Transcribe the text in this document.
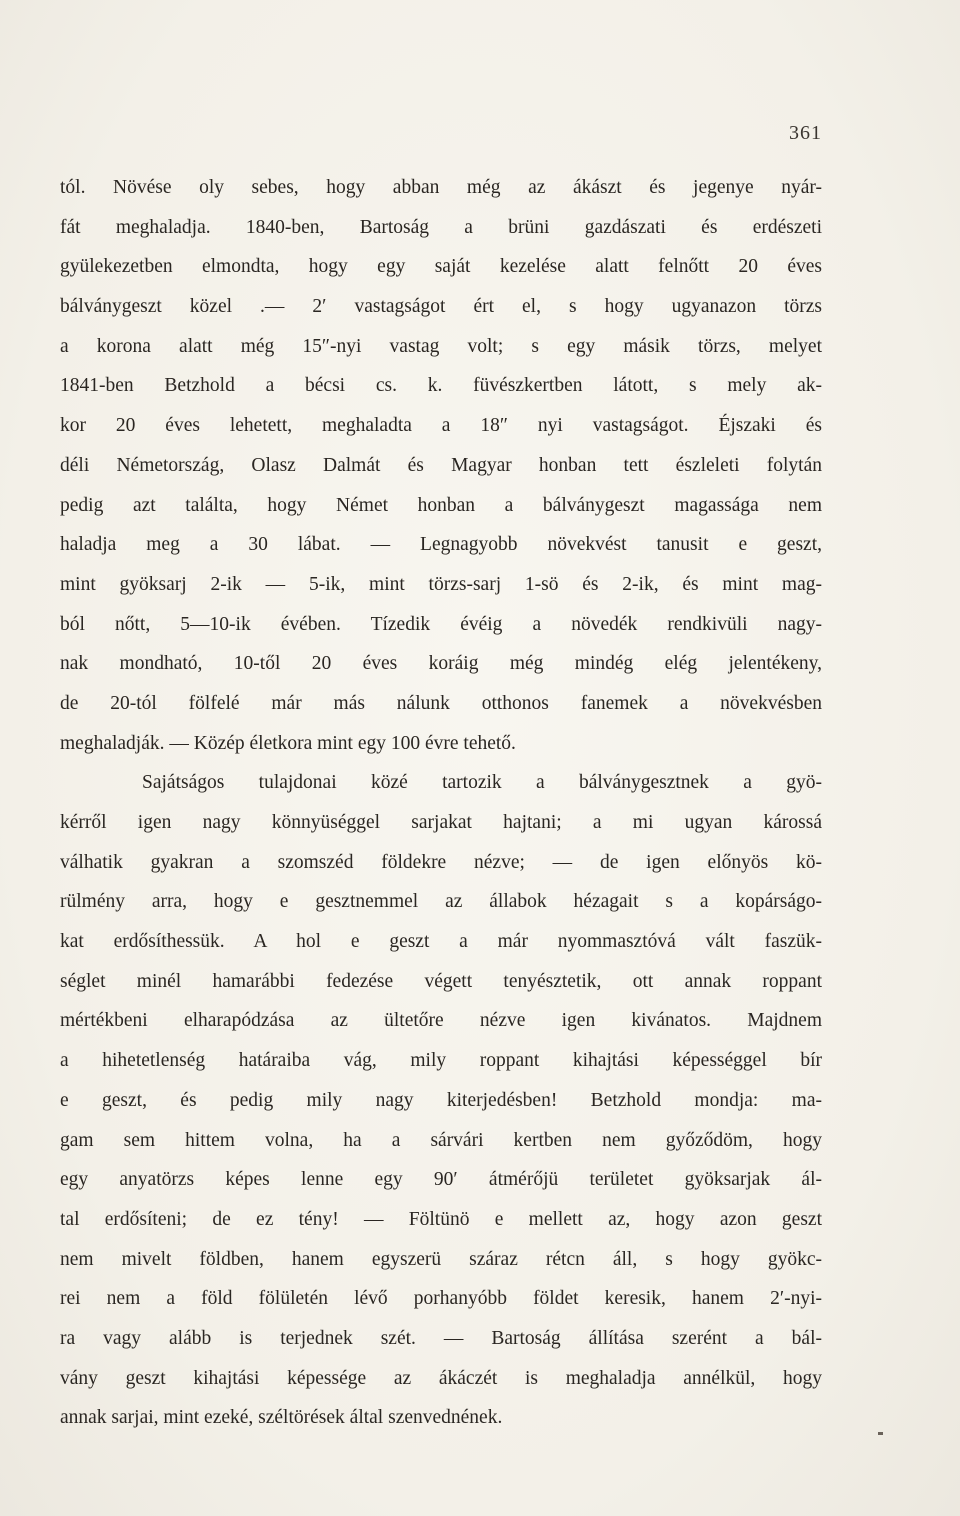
361
tól. Növése oly sebes, hogy abban még az ákászt és jegenye nyár-
fát meghaladja. 1840-ben, Bartoság a brüni gazdászati és erdészeti
gyülekezetben elmondta, hogy egy saját kezelése alatt felnőtt 20 éves
bálványgeszt közel .— 2′ vastagságot ért el, s hogy ugyanazon törzs
a korona alatt még 15″-nyi vastag volt; s egy másik törzs, melyet
1841-ben Betzhold a bécsi cs. k. füvészkertben látott, s mely ak-
kor 20 éves lehetett, meghaladta a 18″ nyi vastagságot. Éjszaki és
déli Németország, Olasz Dalmát és Magyar honban tett észleleti folytán
pedig azt találta, hogy Német honban a bálványgeszt magassága nem
haladja meg a 30 lábat. — Legnagyobb növekvést tanusit e geszt,
mint gyöksarj 2-ik — 5-ik, mint törzs-sarj 1-sö és 2-ik, és mint mag-
ból nőtt, 5—10-ik évében. Tízedik évéig a növedék rendkivüli nagy-
nak mondható, 10-től 20 éves koráig még mindég elég jelentékeny,
de 20-tól fölfelé már más nálunk otthonos fanemek a növekvésben
meghaladják. — Közép életkora mint egy 100 évre tehető.
Sajátságos tulajdonai közé tartozik a bálványgesztnek a gyö-
kérről igen nagy könnyüséggel sarjakat hajtani; a mi ugyan károssá
válhatik gyakran a szomszéd földekre nézve; — de igen előnyös kö-
rülmény arra, hogy e gesztnemmel az állabok hézagait s a kopárságo-
kat erdősíthessük. A hol e geszt a már nyommasztóvá vált faszük-
séglet minél hamarábbi fedezése végett tenyésztetik, ott annak roppant
mértékbeni elharapódzása az ültetőre nézve igen kivánatos. Majdnem
a hihetetlenség határaiba vág, mily roppant kihajtási képességgel bír
e geszt, és pedig mily nagy kiterjedésben! Betzhold mondja: ma-
gam sem hittem volna, ha a sárvári kertben nem győződöm, hogy
egy anyatörzs képes lenne egy 90′ átmérőjü területet gyöksarjak ál-
tal erdősíteni; de ez tény! — Föltünö e mellett az, hogy azon geszt
nem mivelt földben, hanem egyszerü száraz rétcn áll, s hogy gyökc-
rei nem a föld fölületén lévő porhanyóbb földet keresik, hanem 2′-nyi-
ra vagy alább is terjednek szét. — Bartoság állítása szerént a bál-
vány geszt kihajtási képessége az ákáczét is meghaladja annélkül, hogy
annak sarjai, mint ezeké, széltörések által szenvednének.
